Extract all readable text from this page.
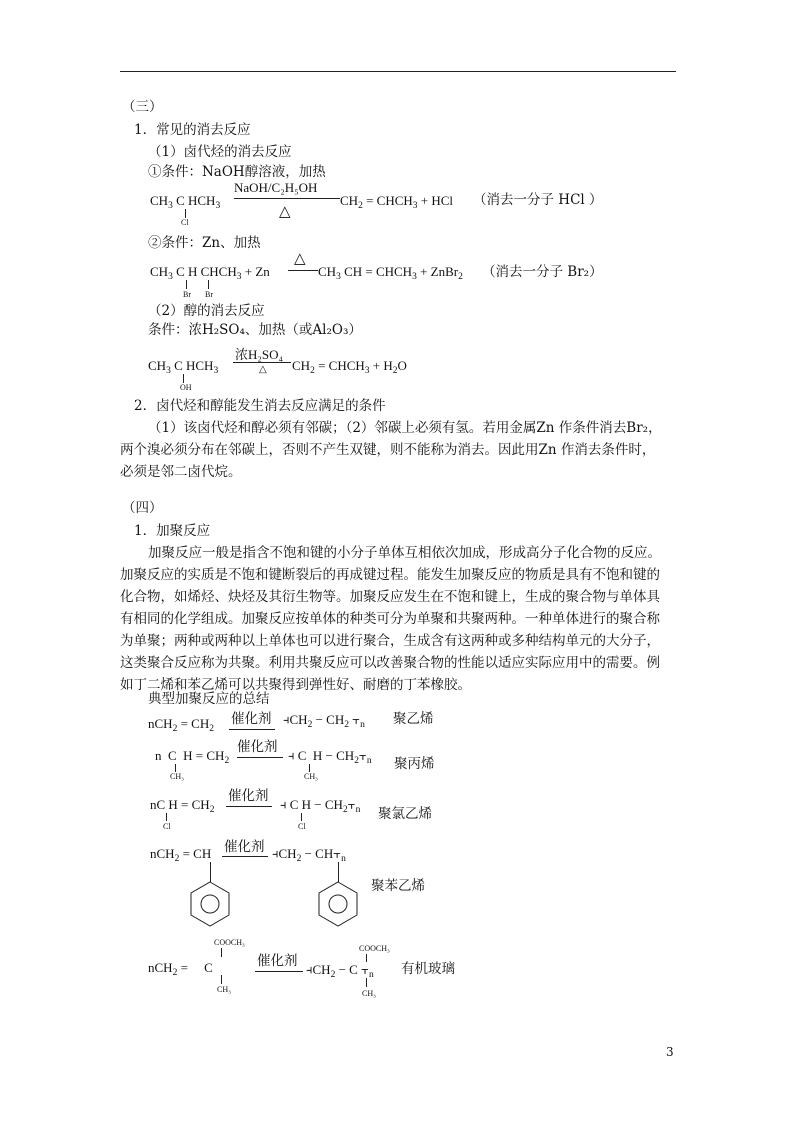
（三）
1．常见的消去反应
（1）卤代烃的消去反应
①条件：NaOH醇溶液，加热
$CH_3$ C $HCH_3$
Cl
NaOH/C₂H₅OH
△
$CH_2$ = $CHCH_3$ + HCl （消去一分子 HCl ）
②条件：Zn、加热
$CH_3$ C H $CHCH_3 + Zn$
Br Br
△
$CH_3$ CH = $CHCH_3$ + ZnBr$_2$ （消去一分子 Br₂）
（2）醇的消去反应
条件：浓H₂SO₄、加热（或Al₂O₃）
$CH_3$ C $HCH_3$
OH
浓H₂SO₄
△ $CH_2$ = $CHCH_3 + H_2O$
2．卤代烃和醇能发生消去反应满足的条件
（1）该卤代烃和醇必须有邻碳；（2）邻碳上必须有氢。若用金属Zn 作条件消去Br₂，
两个溴必须分布在邻碳上，否则不产生双键，则不能称为消去。因此用Zn 作消去条件时，
必须是邻二卤代烷。
（四）
1．加聚反应
加聚反应一般是指含不饱和键的小分子单体互相依次加成，形成高分子化合物的反应。
加聚反应的实质是不饱和键断裂后的再成键过程。能发生加聚反应的物质是具有不饱和键的
化合物，如烯烃、炔烃及其衍生物等。加聚反应发生在不饱和键上，生成的聚合物与单体具
有相同的化学组成。加聚反应按单体的种类可分为单聚和共聚两种。一种单体进行的聚合称
为单聚；两种或两种以上单体也可以进行聚合，生成含有这两种或多种结构单元的大分子，
这类聚合反应称为共聚。利用共聚反应可以改善聚合物的性能以适应实际应用中的需要。例
如丁二烯和苯乙烯可以共聚得到弹性好、耐磨的丁苯橡胶。
典型加聚反应的总结
$nCH_2 = CH_2$
催化剂 $⫞CH_2 - CH_2$ $⫟_n$ 聚乙烯
n  C  $H = CH_2$
CH₃
催化剂
⫞ C  $H - CH_2⫟_n$
CH₃
聚丙烯
nC $H = CH_2$
Cl
催化剂
⫞ C $H - CH_2⫟_n$
Cl
聚氯乙烯
nCH$_2$ = CH 催化剂 $⫞CH_2$ − $CH⫟_n$
聚苯乙烯
COOCH₃
nCH$_2$ =     C
CH₃
催化剂
COOCH₃
$⫞CH_2 - C$ $⫟_n$
CH₃
有机玻璃
3
